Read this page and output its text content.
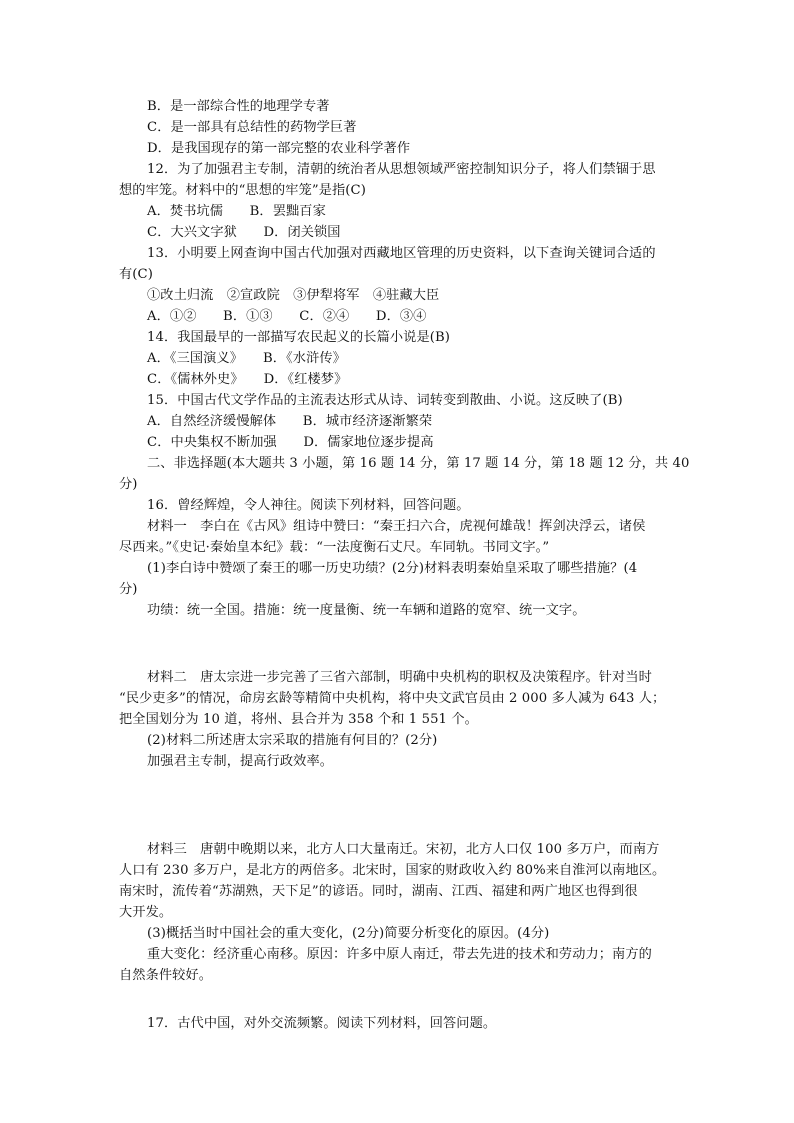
B．是一部综合性的地理学专著
C．是一部具有总结性的药物学巨著
D．是我国现存的第一部完整的农业科学著作
12．为了加强君主专制，清朝的统治者从思想领域严密控制知识分子，将人们禁锢于思
想的牢笼。材料中的“思想的牢笼”是指(C)
A．焚书坑儒　　B．罢黜百家
C．大兴文字狱　　D．闭关锁国
13．小明要上网查询中国古代加强对西藏地区管理的历史资料，以下查询关键词合适的
有(C)
①改土归流　②宣政院　③伊犁将军　④驻藏大臣
A．①②　　B．①③　　C．②④　　D．③④
14．我国最早的一部描写农民起义的长篇小说是(B)
A．《三国演义》　　B．《水浒传》
C．《儒林外史》　　D．《红楼梦》
15．中国古代文学作品的主流表达形式从诗、词转变到散曲、小说。这反映了(B)
A．自然经济缓慢解体　　B．城市经济逐渐繁荣
C．中央集权不断加强　　D．儒家地位逐步提高
二、非选择题(本大题共 3 小题，第 16 题 14 分，第 17 题 14 分，第 18 题 12 分，共 40
分)
16．曾经辉煌，令人神往。阅读下列材料，回答问题。
材料一　李白在《古风》组诗中赞曰：“秦王扫六合，虎视何雄哉！挥剑决浮云，诸侯
尽西来。”《史记·秦始皇本纪》载：“一法度衡石丈尺。车同轨。书同文字。”
(1)李白诗中赞颂了秦王的哪一历史功绩？(2分)材料表明秦始皇采取了哪些措施？(4
分)
功绩：统一全国。措施：统一度量衡、统一车辆和道路的宽窄、统一文字。
材料二　唐太宗进一步完善了三省六部制，明确中央机构的职权及决策程序。针对当时
“民少吏多”的情况，命房玄龄等精简中央机构，将中央文武官员由 2 000 多人减为 643 人；
把全国划分为 10 道，将州、县合并为 358 个和 1 551 个。
(2)材料二所述唐太宗采取的措施有何目的？(2分)
加强君主专制，提高行政效率。
材料三　唐朝中晚期以来，北方人口大量南迁。宋初，北方人口仅 100 多万户，而南方
人口有 230 多万户，是北方的两倍多。北宋时，国家的财政收入约 80%来自淮河以南地区。
南宋时，流传着“苏湖熟，天下足”的谚语。同时，湖南、江西、福建和两广地区也得到很
大开发。
(3)概括当时中国社会的重大变化，(2分)简要分析变化的原因。(4分)
重大变化：经济重心南移。原因：许多中原人南迁，带去先进的技术和劳动力；南方的
自然条件较好。
17．古代中国，对外交流频繁。阅读下列材料，回答问题。
